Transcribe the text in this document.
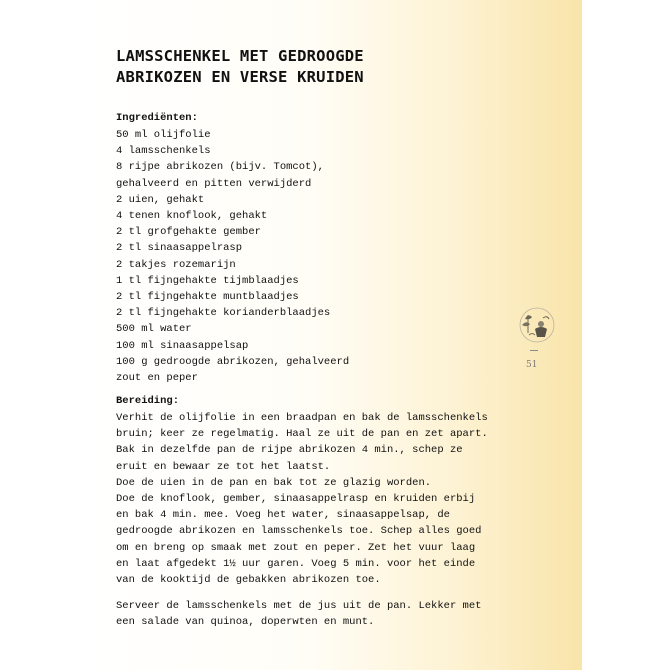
LAMSSCHENKEL MET GEDROOGDE
ABRIKOZEN EN VERSE KRUIDEN
Ingrediënten:
50 ml olijfolie
4 lamsschenkels
8 rijpe abrikozen (bijv. Tomcot),
gehalveerd en pitten verwijderd
2 uien, gehakt
4 tenen knoflook, gehakt
2 tl grofgehakte gember
2 tl sinaasappelrasp
2 takjes rozemarijn
1 tl fijngehakte tijmblaadjes
2 tl fijngehakte muntblaadjes
2 tl fijngehakte korianderblaadjes
500 ml water
100 ml sinaasappelsap
100 g gedroogde abrikozen, gehalveerd
zout en peper
Bereiding:
Verhit de olijfolie in een braadpan en bak de lamsschenkels
bruin; keer ze regelmatig. Haal ze uit de pan en zet apart.
Bak in dezelfde pan de rijpe abrikozen 4 min., schep ze
eruit en bewaar ze tot het laatst.
Doe de uien in de pan en bak tot ze glazig worden.
Doe de knoflook, gember, sinaasappelrasp en kruiden erbij
en bak 4 min. mee. Voeg het water, sinaasappelsap, de
gedroogde abrikozen en lamsschenkels toe. Schep alles goed
om en breng op smaak met zout en peper. Zet het vuur laag
en laat afgedekt 1½ uur garen. Voeg 5 min. voor het einde
van de kooktijd de gebakken abrikozen toe.
Serveer de lamsschenkels met de jus uit de pan. Lekker met
een salade van quinoa, doperwten en munt.
51
